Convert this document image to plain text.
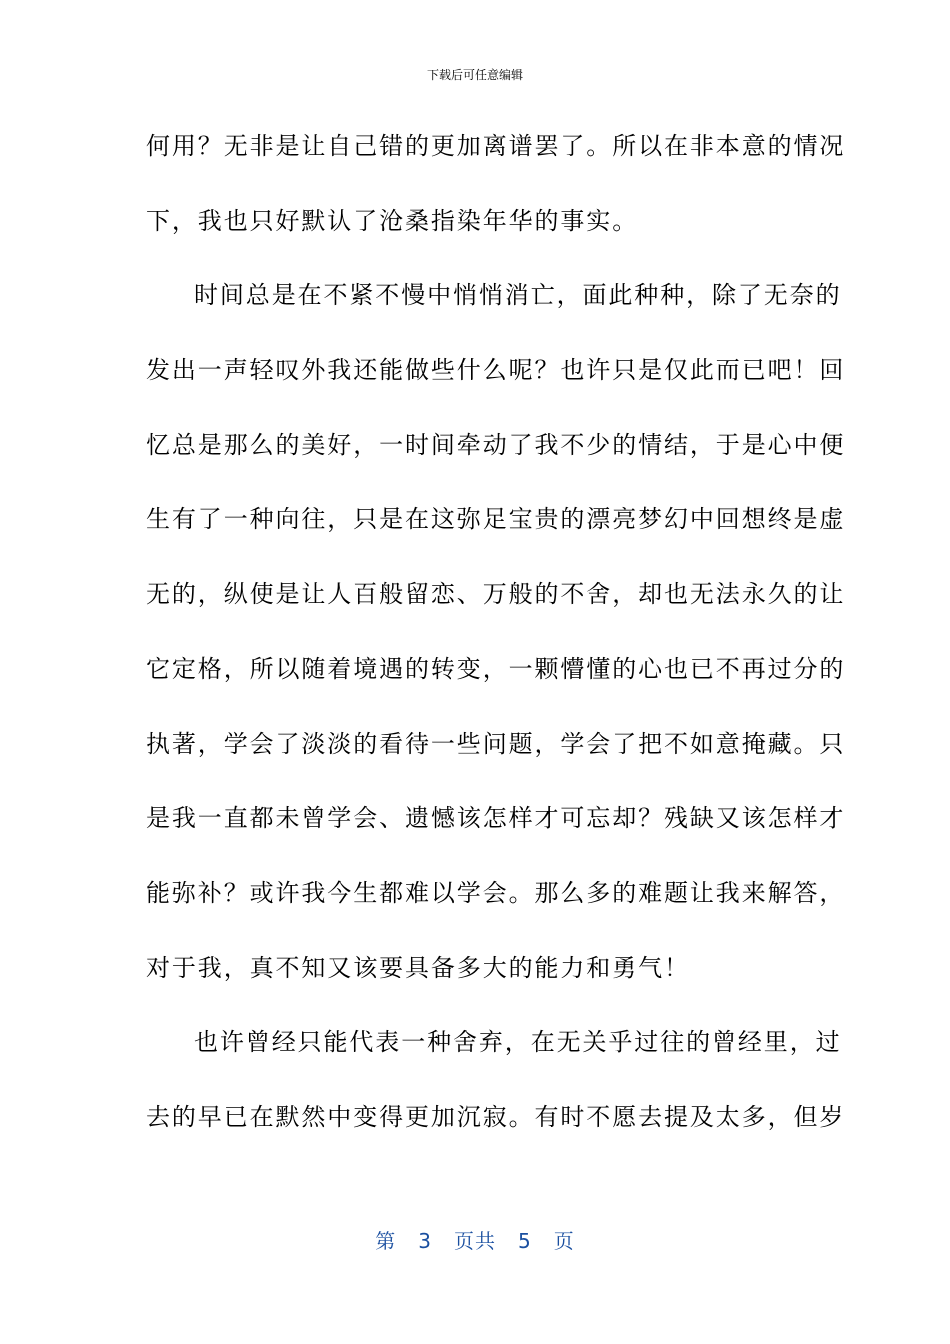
下载后可任意编辑
何用？无非是让自己错的更加离谱罢了。所以在非本意的情况
下，我也只好默认了沧桑指染年华的事实。
时间总是在不紧不慢中悄悄消亡，面此种种，除了无奈的
发出一声轻叹外我还能做些什么呢？也许只是仅此而已吧！回
忆总是那么的美好，一时间牵动了我不少的情结，于是心中便
生有了一种向往，只是在这弥足宝贵的漂亮梦幻中回想终是虚
无的，纵使是让人百般留恋、万般的不舍，却也无法永久的让
它定格，所以随着境遇的转变，一颗懵懂的心也已不再过分的
执著，学会了淡淡的看待一些问题，学会了把不如意掩藏。只
是我一直都未曾学会、遗憾该怎样才可忘却？残缺又该怎样才
能弥补？或许我今生都难以学会。那么多的难题让我来解答，
对于我，真不知又该要具备多大的能力和勇气！
也许曾经只能代表一种舍弃，在无关乎过往的曾经里，过
去的早已在默然中变得更加沉寂。有时不愿去提及太多，但岁
第 3 页共 5 页
